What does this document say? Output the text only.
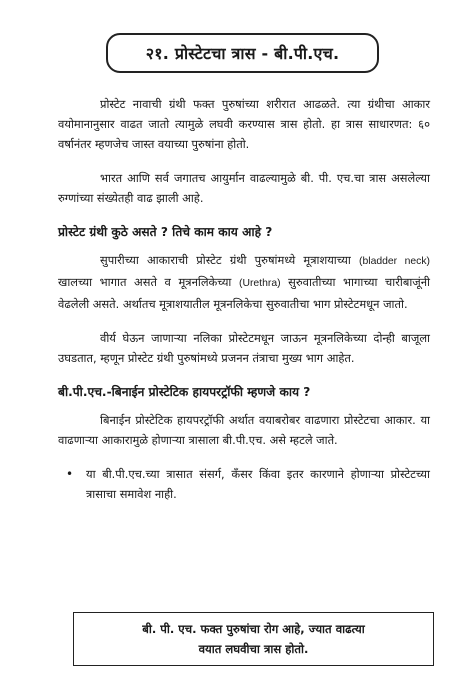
२१. प्रोस्टेटचा त्रास - बी.पी.एच.

प्रोस्टेट नावाची ग्रंथी फक्त पुरुषांच्या शरीरात आढळते. त्या ग्रंथीचा आकार वयोमानानुसार वाढत जातो त्यामुळे लघवी करण्यास त्रास होतो. हा त्रास साधारणत: ६० वर्षानंतर म्हणजेच जास्त वयाच्या पुरुषांना होतो.

भारत आणि सर्व जगातच आयुर्मान वाढल्यामुळे बी. पी. एच.चा त्रास असलेल्या रुग्णांच्या संख्येतही वाढ झाली आहे.

प्रोस्टेट ग्रंथी कुठे असते ? तिचे काम काय आहे ?

सुपारीच्या आकाराची प्रोस्टेट ग्रंथी पुरुषांमध्ये मूत्राशयाच्या (bladder neck) खालच्या भागात असते व मूत्रनलिकेच्या (Urethra) सुरुवातीच्या भागाच्या चारीबाजूंनी वेढलेली असते. अर्थातच मूत्राशयातील मूत्रनलिकेचा सुरुवातीचा भाग प्रोस्टेटमधून जातो.

वीर्य घेऊन जाणाऱ्या नलिका प्रोस्टेटमधून जाऊन मूत्रनलिकेच्या दोन्ही बाजूला उघडतात, म्हणून प्रोस्टेट ग्रंथी पुरुषांमध्ये प्रजनन तंत्राचा मुख्य भाग आहेत.

बी.पी.एच.-बिनाईन प्रोस्टेटिक हायपरट्रॉफी म्हणजे काय ?

बिनाईन प्रोस्टेटिक हायपरट्रॉफी अर्थात वयाबरोबर वाढणारा प्रोस्टेटचा आकार. या वाढणाऱ्या आकारामुळे होणाऱ्या त्रासाला बी.पी.एच. असे म्हटले जाते.

•	या बी.पी.एच.च्या त्रासात संसर्ग, कँसर किंवा इतर कारणाने होणाऱ्या प्रोस्टेटच्या त्रासाचा समावेश नाही.
बी. पी. एच. फक्त पुरुषांचा रोग आहे, ज्यात वाढत्या
वयात लघवीचा त्रास होतो.
